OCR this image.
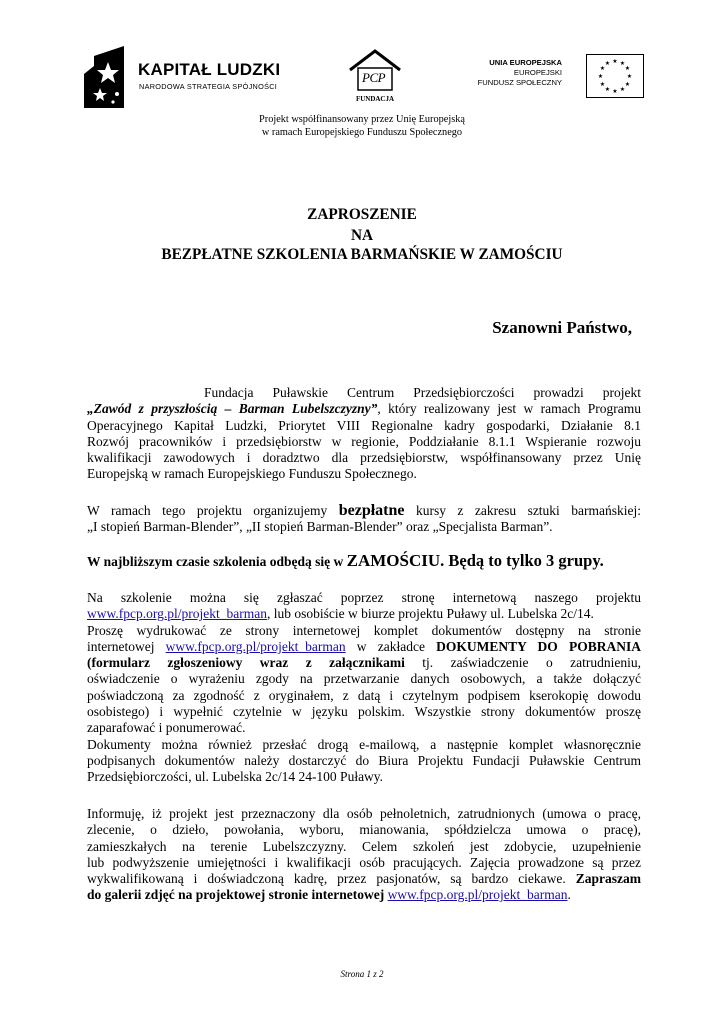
KAPITAŁ LUDZKI
NARODOWA STRATEGIA SPÓJNOŚCI
PCP
FUNDACJA
UNIA EUROPEJSKA
EUROPEJSKI
FUNDUSZ SPOŁECZNY
★ ★
★
★
★
★
★
★
★
★
★
★
Projekt współfinansowany przez Unię Europejską
w ramach Europejskiego Funduszu Społecznego
ZAPROSZENIE
NA
BEZPŁATNE SZKOLENIA BARMAŃSKIE W ZAMOŚCIU
Szanowni Państwo,
Fundacja Puławskie Centrum Przedsiębiorczości prowadzi projekt
„Zawód z przyszłością – Barman Lubelszczyzny”, który realizowany jest w ramach Programu
Operacyjnego Kapitał Ludzki, Priorytet VIII Regionalne kadry gospodarki, Działanie 8.1
Rozwój pracowników i przedsiębiorstw w regionie, Poddziałanie 8.1.1 Wspieranie rozwoju
kwalifikacji zawodowych i doradztwo dla przedsiębiorstw, współfinansowany przez Unię
Europejską w ramach Europejskiego Funduszu Społecznego.
W ramach tego projektu organizujemy bezpłatne kursy z zakresu sztuki barmańskiej:
„I stopień Barman-Blender”, „II stopień Barman-Blender” oraz „Specjalista Barman”.
W najbliższym czasie szkolenia odbędą się w ZAMOŚCIU. Będą to tylko 3 grupy.
Na szkolenie można się zgłaszać poprzez stronę internetową naszego projektu
www.fpcp.org.pl/projekt_barman, lub osobiście w biurze projektu Puławy ul. Lubelska 2c/14.
Proszę wydrukować ze strony internetowej komplet dokumentów dostępny na stronie
internetowej www.fpcp.org.pl/projekt_barman w zakładce DOKUMENTY DO POBRANIA
(formularz zgłoszeniowy wraz z załącznikami tj. zaświadczenie o zatrudnieniu,
oświadczenie o wyrażeniu zgody na przetwarzanie danych osobowych, a także dołączyć
poświadczoną za zgodność z oryginałem, z datą i czytelnym podpisem kserokopię dowodu
osobistego) i wypełnić czytelnie w języku polskim. Wszystkie strony dokumentów proszę
zaparafować i ponumerować.
Dokumenty można również przesłać drogą e-mailową, a następnie komplet własnoręcznie
podpisanych dokumentów należy dostarczyć do Biura Projektu Fundacji Puławskie Centrum
Przedsiębiorczości, ul. Lubelska 2c/14 24-100 Puławy.
Informuję, iż projekt jest przeznaczony dla osób pełnoletnich, zatrudnionych (umowa o pracę,
zlecenie, o dzieło, powołania, wyboru, mianowania, spółdzielcza umowa o pracę),
zamieszkałych na terenie Lubelszczyzny. Celem szkoleń jest zdobycie, uzupełnienie
lub podwyższenie umiejętności i kwalifikacji osób pracujących. Zajęcia prowadzone są przez
wykwalifikowaną i doświadczoną kadrę, przez pasjonatów, są bardzo ciekawe. Zapraszam
do galerii zdjęć na projektowej stronie internetowej www.fpcp.org.pl/projekt_barman.
Strona 1 z 2
